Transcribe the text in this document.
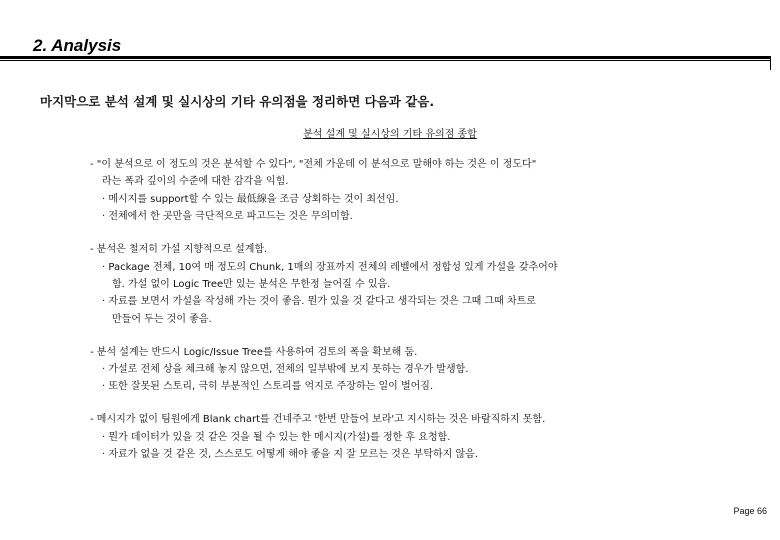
2. Analysis

마지막으로 분석 설계 및 실시상의 기타 유의점을 정리하면 다음과 같음.

분석 설계 및 실시상의 기타 유의점 종합

- "이 분석으로 이 정도의 것은 분석할 수 있다", "전체 가운데 이 분석으로 말해야 하는 것은 이 정도다"
라는 폭과 깊이의 수준에 대한 감각을 익힘.
· 메시지를 support할 수 있는 最低線을 조금 상회하는 것이 최선임.
· 전체에서 한 곳만을 극단적으로 파고드는 것은 무의미함.
- 분석은 철저히 가설 지향적으로 설계함.
· Package 전체, 10여 매 정도의 Chunk, 1매의 장표까지 전체의 레벨에서 정합성 있게 가설을 갖추어야
함. 가설 없이 Logic Tree만 있는 분석은 무한정 늘어질 수 있음.
· 자료를 보면서 가설을 작성해 가는 것이 좋음. 뭔가 있을 것 같다고 생각되는 것은 그때 그때 차트로
만들어 두는 것이 좋음.
- 분석 설계는 반드시 Logic/Issue Tree를 사용하여 검토의 폭을 확보해 둠.
· 가설로 전체 상을 체크해 놓지 않으면, 전체의 일부밖에 보지 못하는 경우가 발생함.
· 또한 잘못된 스토리, 극히 부분적인 스토리를 억지로 주장하는 일이 벌어짐.
- 메시지가 없이 팀원에게 Blank chart를 건네주고 '한번 만들어 보라'고 지시하는 것은 바람직하지 못함.
· 뭔가 데이터가 있을 것 같은 것을 될 수 있는 한 메시지(가설)를 정한 후 요청함.
· 자료가 없을 것 같은 것, 스스로도 어떻게 해야 좋을 지 잘 모르는 것은 부탁하지 않음.
Page 66
